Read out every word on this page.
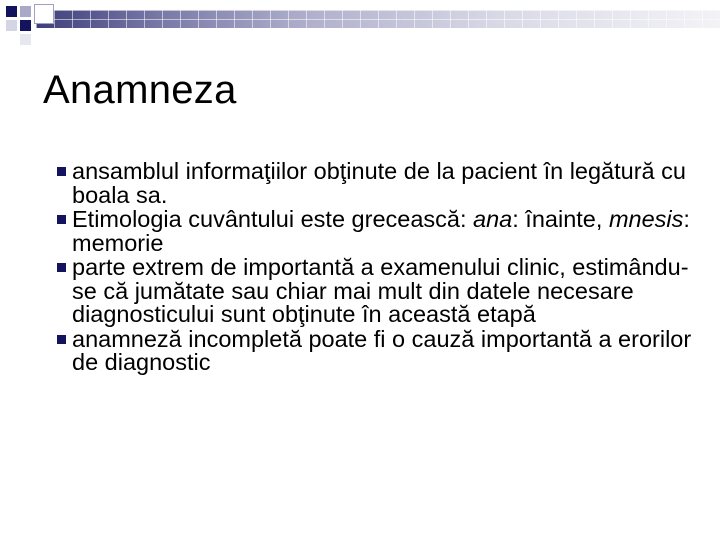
Anamneza
ansamblul informaţiilor obţinute de la pacient în legătură cu boala sa.
Etimologia cuvântului este grecească: ana: înainte, mnesis: memorie
parte extrem de importantă a examenului clinic, estimându-se că jumătate sau chiar mai mult din datele necesare diagnosticului sunt obţinute în această etapă
anamneză incompletă poate fi o cauză importantă a erorilor de diagnostic
